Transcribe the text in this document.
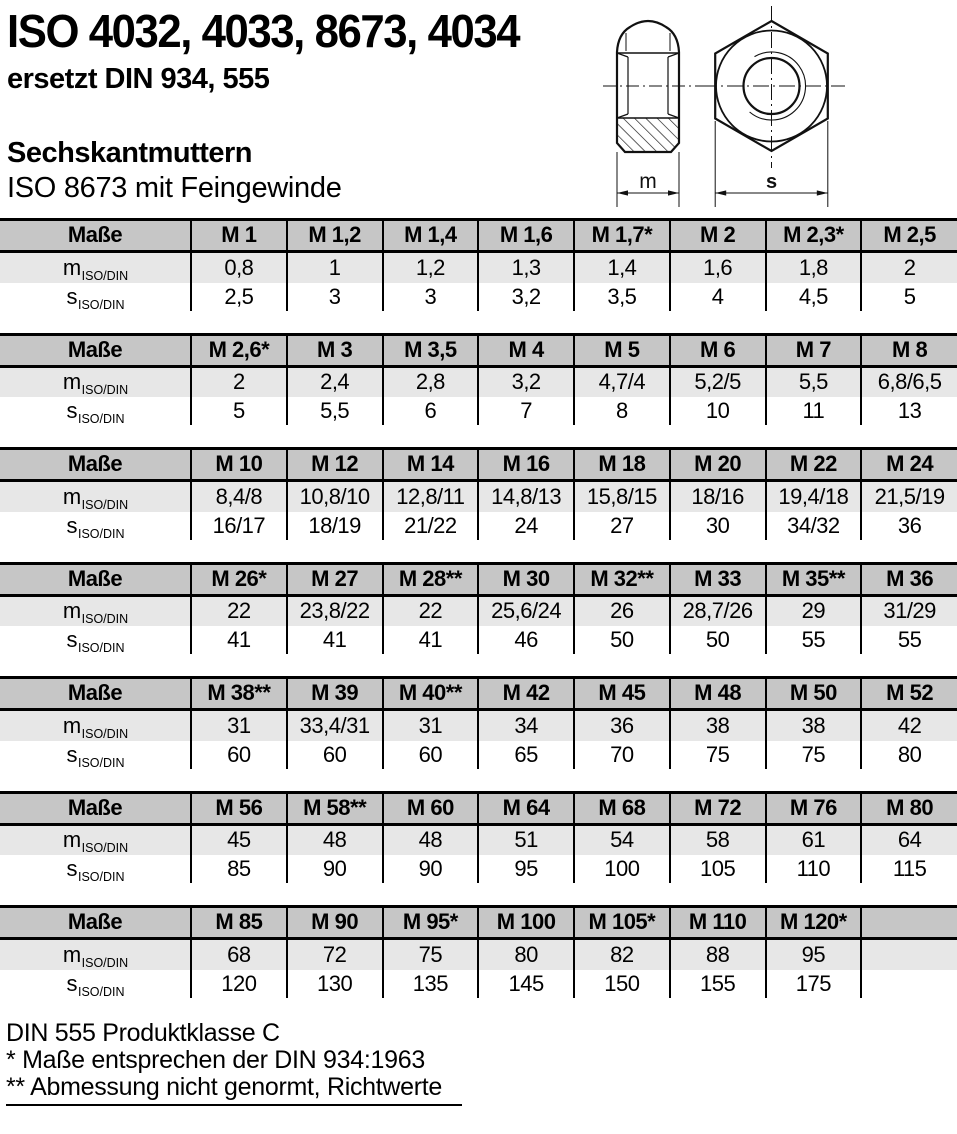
ISO 4032, 4033, 8673, 4034
ersetzt DIN 934, 555
Sechskantmuttern
ISO 8673 mit Feingewinde	m	s
Maße	M 1	M 1,2	M 1,4	M 1,6	M 1,7*	M 2	M 2,3*	M 2,5
$m_{ISO/DIN}$	0,8	1	1,2	1,3	1,4	1,6	1,8	2
$s_{ISO/DIN}$	2,5	3	3	3,2	3,5	4	4,5	5
Maße	M 2,6*	M 3	M 3,5	M 4	M 5	M 6	M 7	M 8
$m_{ISO/DIN}$	2	2,4	2,8	3,2	4,7/4	5,2/5	5,5	6,8/6,5
$s_{ISO/DIN}$	5	5,5	6	7	8	10	11	13
Maße	M 10	M 12	M 14	M 16	M 18	M 20	M 22	M 24
$m_{ISO/DIN}$	8,4/8	10,8/10	12,8/11	14,8/13	15,8/15	18/16	19,4/18	21,5/19
$s_{ISO/DIN}$	16/17	18/19	21/22	24	27	30	34/32	36
Maße	M 26*	M 27	M 28**	M 30	M 32**	M 33	M 35**	M 36
$m_{ISO/DIN}$	22	23,8/22	22	25,6/24	26	28,7/26	29	31/29
$s_{ISO/DIN}$	41	41	41	46	50	50	55	55
Maße	M 38**	M 39	M 40**	M 42	M 45	M 48	M 50	M 52
$m_{ISO/DIN}$	31	33,4/31	31	34	36	38	38	42
$s_{ISO/DIN}$	60	60	60	65	70	75	75	80
Maße	M 56	M 58**	M 60	M 64	M 68	M 72	M 76	M 80
$m_{ISO/DIN}$	45	48	48	51	54	58	61	64
$s_{ISO/DIN}$	85	90	90	95	100	105	110	115
Maße	M 85	M 90	M 95*	M 100	M 105*	M 110	M 120*	
$m_{ISO/DIN}$	68	72	75	80	82	88	95	
$s_{ISO/DIN}$	120	130	135	145	150	155	175	
DIN 555 Produktklasse C
* Maße entsprechen der DIN 934:1963
** Abmessung nicht genormt, Richtwerte
